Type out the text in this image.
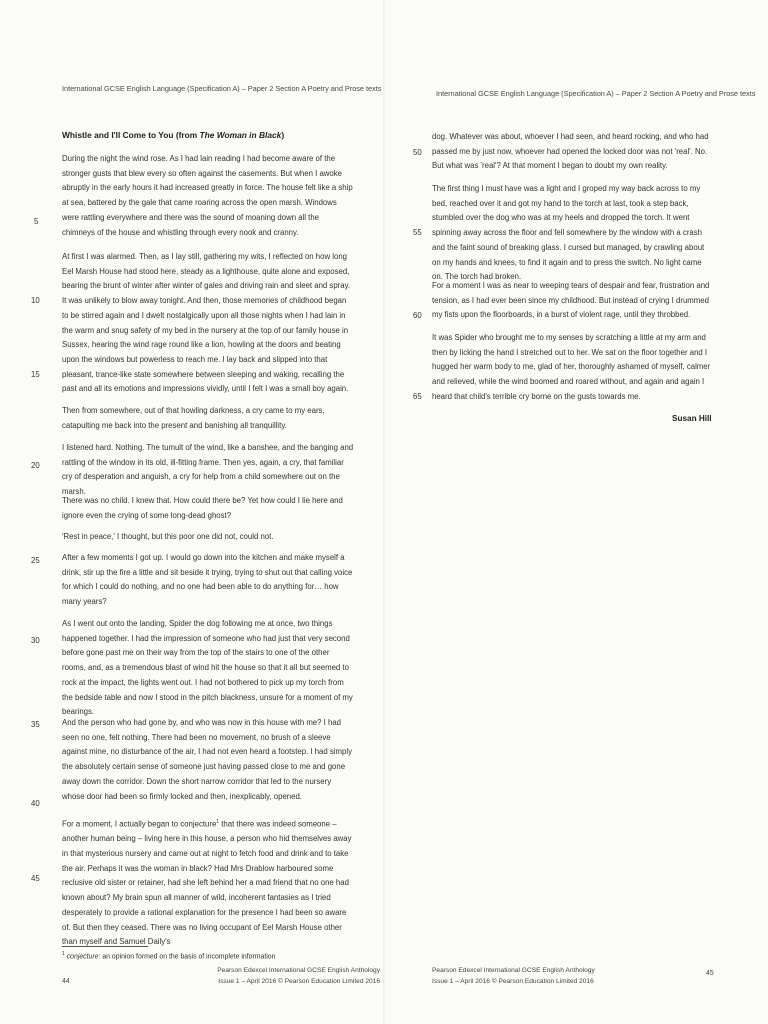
International GCSE English Language (Specification A) – Paper 2 Section A Poetry and Prose texts
Whistle and I'll Come to You (from The Woman in Black)
During the night the wind rose. As I had lain reading I had become aware of the stronger gusts that blew every so often against the casements. But when I awoke abruptly in the early hours it had increased greatly in force. The house felt like a ship at sea, battered by the gale that came roaring across the open marsh. Windows were rattling everywhere and there was the sound of moaning down all the chimneys of the house and whistling through every nook and cranny.
At first I was alarmed. Then, as I lay still, gathering my wits, I reflected on how long Eel Marsh House had stood here, steady as a lighthouse, quite alone and exposed, bearing the brunt of winter after winter of gales and driving rain and sleet and spray. It was unlikely to blow away tonight. And then, those memories of childhood began to be stirred again and I dwelt nostalgically upon all those nights when I had lain in the warm and snug safety of my bed in the nursery at the top of our family house in Sussex, hearing the wind rage round like a lion, howling at the doors and beating upon the windows but powerless to reach me. I lay back and slipped into that pleasant, trance-like state somewhere between sleeping and waking, recalling the past and all its emotions and impressions vividly, until I felt I was a small boy again.
Then from somewhere, out of that howling darkness, a cry came to my ears, catapulting me back into the present and banishing all tranquillity.
I listened hard. Nothing. The tumult of the wind, like a banshee, and the banging and rattling of the window in its old, ill-fitting frame. Then yes, again, a cry, that familiar cry of desperation and anguish, a cry for help from a child somewhere out on the marsh.
There was no child. I knew that. How could there be? Yet how could I lie here and ignore even the crying of some long-dead ghost?
'Rest in peace,' I thought, but this poor one did not, could not.
After a few moments I got up. I would go down into the kitchen and make myself a drink, stir up the fire a little and sit beside it trying, trying to shut out that calling voice for which I could do nothing, and no one had been able to do anything for… how many years?
As I went out onto the landing, Spider the dog following me at once, two things happened together. I had the impression of someone who had just that very second before gone past me on their way from the top of the stairs to one of the other rooms, and, as a tremendous blast of wind hit the house so that it all but seemed to rock at the impact, the lights went out. I had not bothered to pick up my torch from the bedside table and now I stood in the pitch blackness, unsure for a moment of my bearings.
And the person who had gone by, and who was now in this house with me? I had seen no one, felt nothing. There had been no movement, no brush of a sleeve against mine, no disturbance of the air, I had not even heard a footstep. I had simply the absolutely certain sense of someone just having passed close to me and gone away down the corridor. Down the short narrow corridor that led to the nursery whose door had been so firmly locked and then, inexplicably, opened.
For a moment, I actually began to conjecture$^1$ that there was indeed someone – another human being – living here in this house, a person who hid themselves away in that mysterious nursery and came out at night to fetch food and drink and to take the air. Perhaps it was the woman in black? Had Mrs Drablow harboured some reclusive old sister or retainer, had she left behind her a mad friend that no one had known about? My brain spun all manner of wild, incoherent fantasies as I tried desperately to provide a rational explanation for the presence I had been so aware of. But then they ceased. There was no living occupant of Eel Marsh House other than myself and Samuel Daily's
5
10
15
20
25
30
35
40
45
$^1$ conjecture: an opinion formed on the basis of incomplete information
44
Pearson Edexcel International GCSE English Anthology
Issue 1 – April 2016 © Pearson Education Limited 2016
International GCSE English Language (Specification A) – Paper 2 Section A Poetry and Prose texts
dog. Whatever was about, whoever I had seen, and heard rocking, and who had passed me by just now, whoever had opened the locked door was not 'real'. No. But what was 'real'? At that moment I began to doubt my own reality.
The first thing I must have was a light and I groped my way back across to my bed, reached over it and got my hand to the torch at last, took a step back, stumbled over the dog who was at my heels and dropped the torch. It went spinning away across the floor and fell somewhere by the window with a crash and the faint sound of breaking glass. I cursed but managed, by crawling about on my hands and knees, to find it again and to press the switch. No light came on. The torch had broken.
For a moment I was as near to weeping tears of despair and fear, frustration and tension, as I had ever been since my childhood. But instead of crying I drummed my fists upon the floorboards, in a burst of violent rage, until they throbbed.
It was Spider who brought me to my senses by scratching a little at my arm and then by licking the hand I stretched out to her. We sat on the floor together and I hugged her warm body to me, glad of her, thoroughly ashamed of myself, calmer and relieved, while the wind boomed and roared without, and again and again I heard that child's terrible cry borne on the gusts towards me.
50
55
60
65
Susan Hill
Pearson Edexcel International GCSE English Anthology
Issue 1 – April 2016 © Pearson Education Limited 2016
45
